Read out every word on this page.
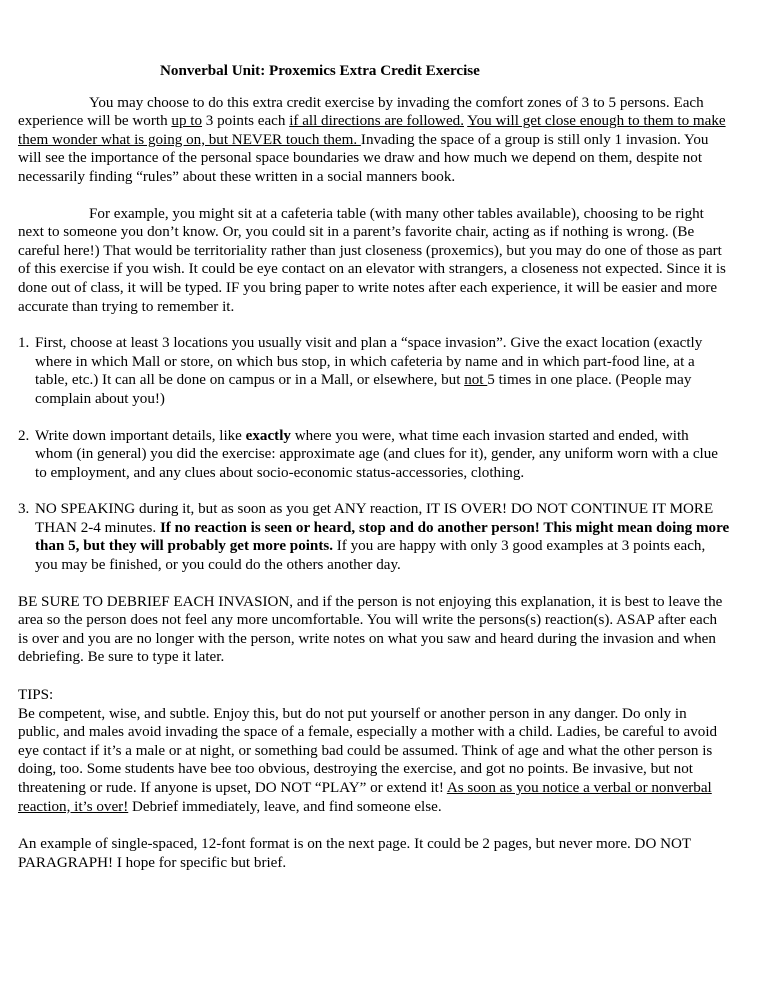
Nonverbal Unit: Proxemics Extra Credit Exercise

You may choose to do this extra credit exercise by invading the comfort zones of 3 to 5 persons. Each experience will be worth up to 3 points each if all directions are followed. You will get close enough to them to make them wonder what is going on, but NEVER touch them. Invading the space of a group is still only 1 invasion. You will see the importance of the personal space boundaries we draw and how much we depend on them, despite not necessarily finding “rules” about these written in a social manners book.

For example, you might sit at a cafeteria table (with many other tables available), choosing to be right next to someone you don’t know. Or, you could sit in a parent’s favorite chair, acting as if nothing is wrong. (Be careful here!) That would be territoriality rather than just closeness (proxemics), but you may do one of those as part of this exercise if you wish. It could be eye contact on an elevator with strangers, a closeness not expected. Since it is done out of class, it will be typed. IF you bring paper to write notes after each experience, it will be easier and more accurate than trying to remember it.

1. First, choose at least 3 locations you usually visit and plan a “space invasion”. Give the exact location (exactly where in which Mall or store, on which bus stop, in which cafeteria by name and in which part-food line, at a table, etc.) It can all be done on campus or in a Mall, or elsewhere, but not 5 times in one place. (People may complain about you!)
2. Write down important details, like exactly where you were, what time each invasion started and ended, with whom (in general) you did the exercise: approximate age (and clues for it), gender, any uniform worn with a clue to employment, and any clues about socio-economic status-accessories, clothing.
3. NO SPEAKING during it, but as soon as you get ANY reaction, IT IS OVER! DO NOT CONTINUE IT MORE THAN 2-4 minutes. If no reaction is seen or heard, stop and do another person! This might mean doing more than 5, but they will probably get more points. If you are happy with only 3 good examples at 3 points each, you may be finished, or you could do the others another day.

BE SURE TO DEBRIEF EACH INVASION, and if the person is not enjoying this explanation, it is best to leave the area so the person does not feel any more uncomfortable. You will write the persons(s) reaction(s). ASAP after each is over and you are no longer with the person, write notes on what you saw and heard during the invasion and when debriefing. Be sure to type it later.

TIPS:
Be competent, wise, and subtle. Enjoy this, but do not put yourself or another person in any danger. Do only in public, and males avoid invading the space of a female, especially a mother with a child. Ladies, be careful to avoid eye contact if it’s a male or at night, or something bad could be assumed. Think of age and what the other person is doing, too. Some students have bee too obvious, destroying the exercise, and got no points. Be invasive, but not threatening or rude. If anyone is upset, DO NOT “PLAY” or extend it! As soon as you notice a verbal or nonverbal reaction, it’s over! Debrief immediately, leave, and find someone else.

An example of single-spaced, 12-font format is on the next page. It could be 2 pages, but never more. DO NOT PARAGRAPH! I hope for specific but brief.
